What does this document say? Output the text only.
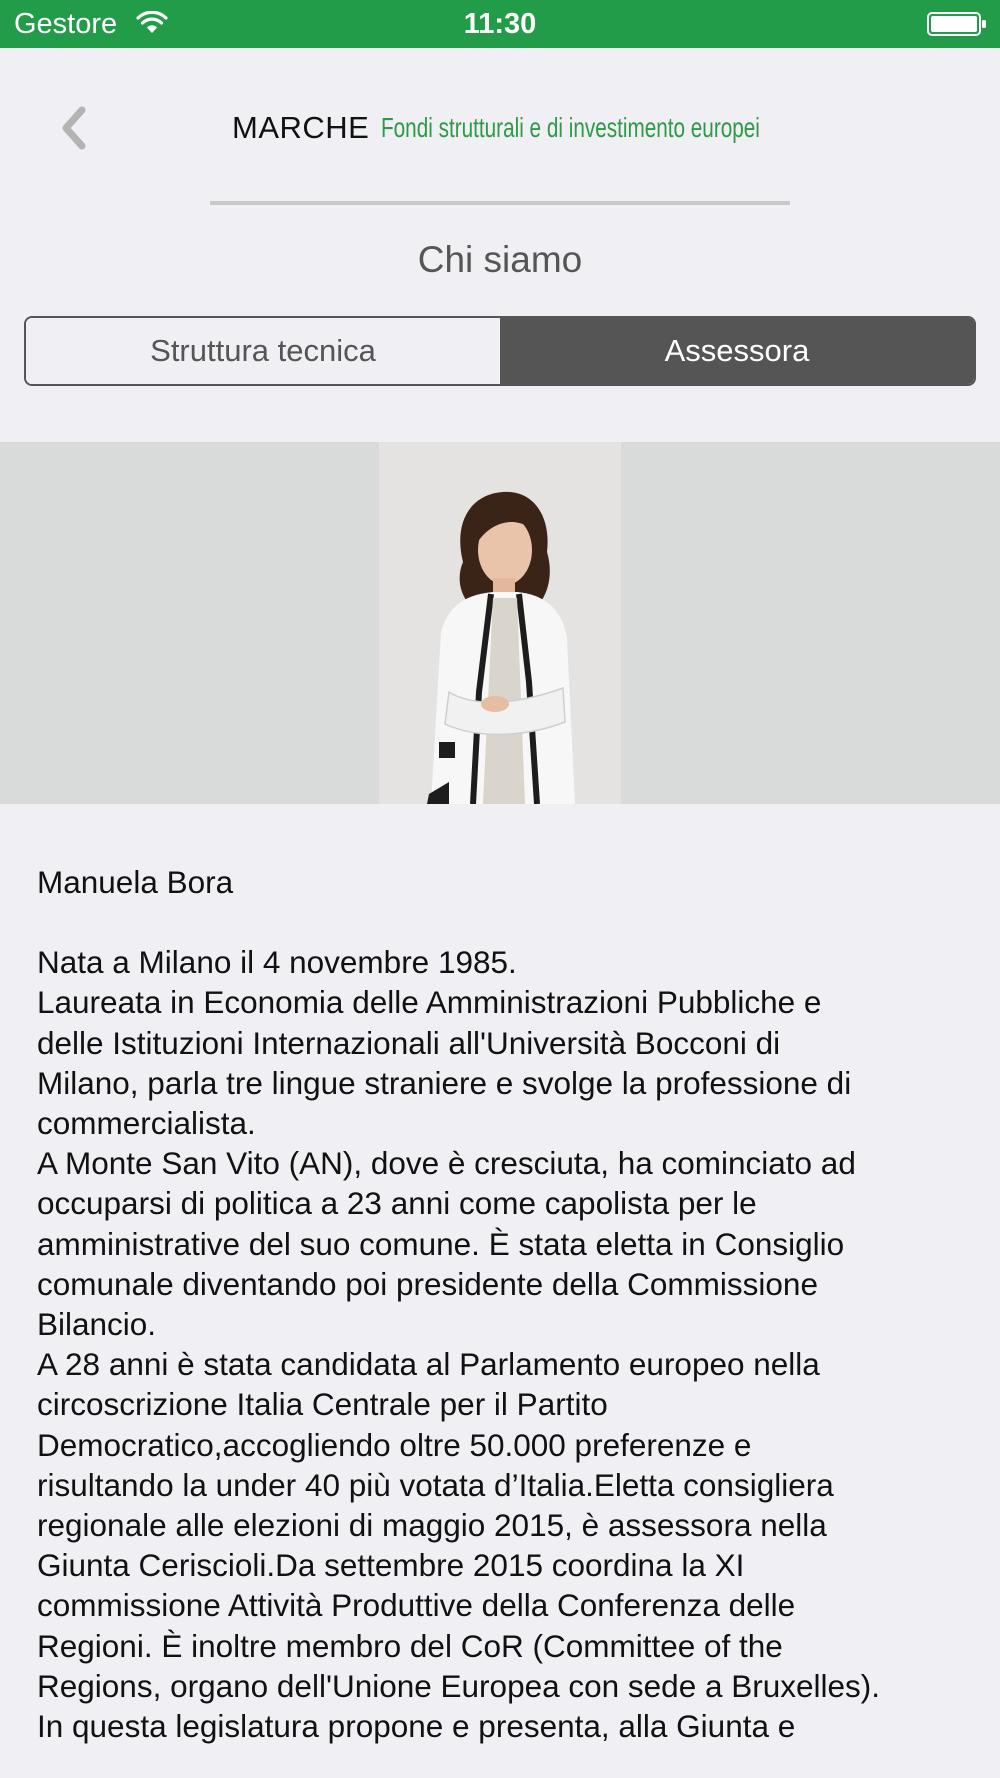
Gestore	11:30
MARCHE Fondi strutturali e di investimento europei
Chi siamo
Struttura tecnica	Assessora
Manuela Bora
Nata a Milano il 4 novembre 1985.
Laureata in Economia delle Amministrazioni Pubbliche e
delle Istituzioni Internazionali all'Università Bocconi di
Milano, parla tre lingue straniere e svolge la professione di
commercialista.
A Monte San Vito (AN), dove è cresciuta, ha cominciato ad
occuparsi di politica a 23 anni come capolista per le
amministrative del suo comune. È stata eletta in Consiglio
comunale diventando poi presidente della Commissione
Bilancio.
A 28 anni è stata candidata al Parlamento europeo nella
circoscrizione Italia Centrale per il Partito
Democratico,accogliendo oltre 50.000 preferenze e
risultando la under 40 più votata d’Italia.Eletta consigliera
regionale alle elezioni di maggio 2015, è assessora nella
Giunta Ceriscioli.Da settembre 2015 coordina la XI
commissione Attività Produttive della Conferenza delle
Regioni. È inoltre membro del CoR (Committee of the
Regions, organo dell'Unione Europea con sede a Bruxelles).
In questa legislatura propone e presenta, alla Giunta e
